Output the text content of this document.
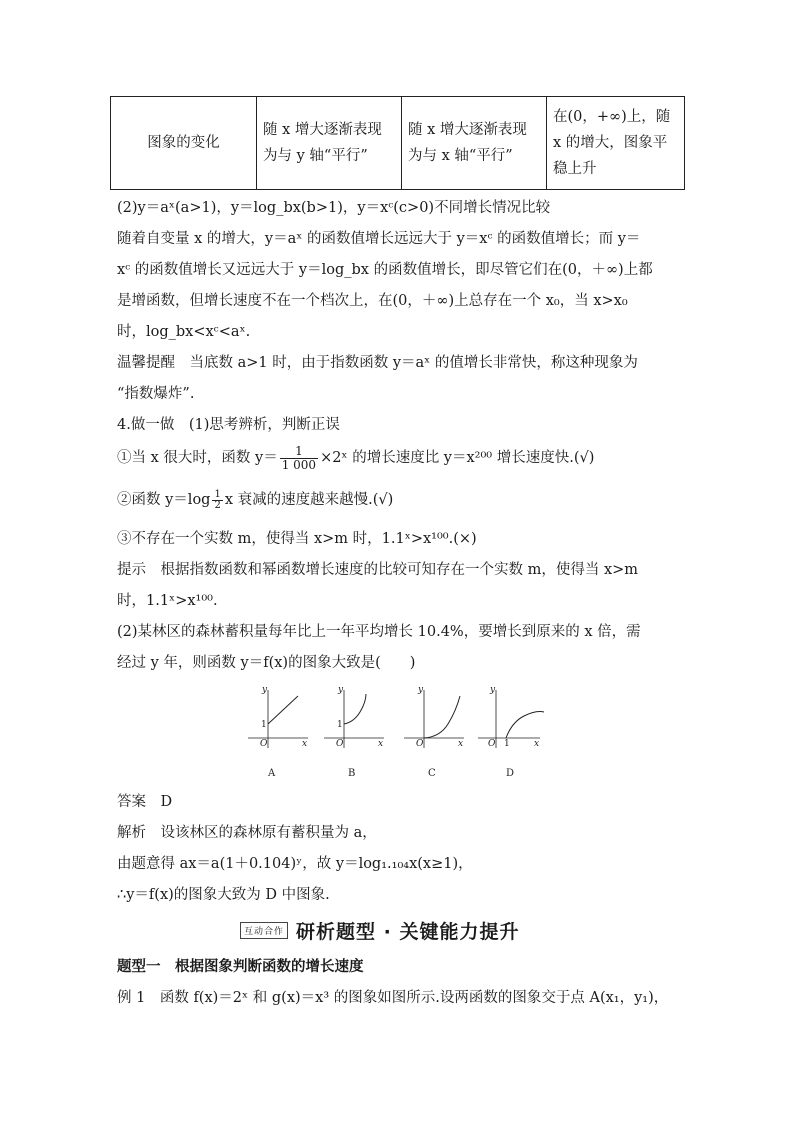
图象的变化	随 x 增大逐渐表现为与 y 轴“平行”	随 x 增大逐渐表现为与 x 轴“平行”	在(0，+∞)上，随 x 的增大，图象平稳上升
(2)y＝aˣ(a>1)，y＝log_bx(b>1)，y＝xᶜ(c>0)不同增长情况比较
随着自变量 x 的增大，y＝aˣ 的函数值增长远远大于 y＝xᶜ 的函数值增长；而 y＝
xᶜ 的函数值增长又远远大于 y＝log_bx 的函数值增长，即尽管它们在(0，＋∞)上都
是增函数，但增长速度不在一个档次上，在(0，＋∞)上总存在一个 x₀，当 x>x₀
时，log_bx<xᶜ<aˣ.
温馨提醒　当底数 a>1 时，由于指数函数 y＝aˣ 的值增长非常快，称这种现象为
“指数爆炸”.
4.做一做　(1)思考辨析，判断正误
①当 x 很大时，函数 $y= \frac{1}{1 000}$ ×2ˣ 的增长速度比 y＝x²⁰⁰ 增长速度快.(√)
②函数 $y=\log \frac{1}{2}$ x 衰减的速度越来越慢.(√)
③不存在一个实数 m，使得当 x>m 时，1.1ˣ>x¹⁰⁰.(×)
提示　根据指数函数和幂函数增长速度的比较可知存在一个实数 m，使得当 x>m
时，1.1ˣ>x¹⁰⁰.
(2)某林区的森林蓄积量每年比上一年平均增长 10.4%，要增长到原来的 x 倍，需
经过 y 年，则函数 y＝f(x)的图象大致是(　　)
y
x
O
1
A
y
x
O
1
B
y
x
O
C
y
x
O 1
D
答案　D
解析　设该林区的森林原有蓄积量为 a，
由题意得 ax＝a(1＋0.104)ʸ，故 y＝log₁.₁₀₄x(x≥1)，
∴y＝f(x)的图象大致为 D 中图象.
互动合作 研析题型 · 关键能力提升
题型一　根据图象判断函数的增长速度
例 1　函数 f(x)＝2ˣ 和 g(x)＝x³ 的图象如图所示.设两函数的图象交于点 A(x₁，y₁)，
